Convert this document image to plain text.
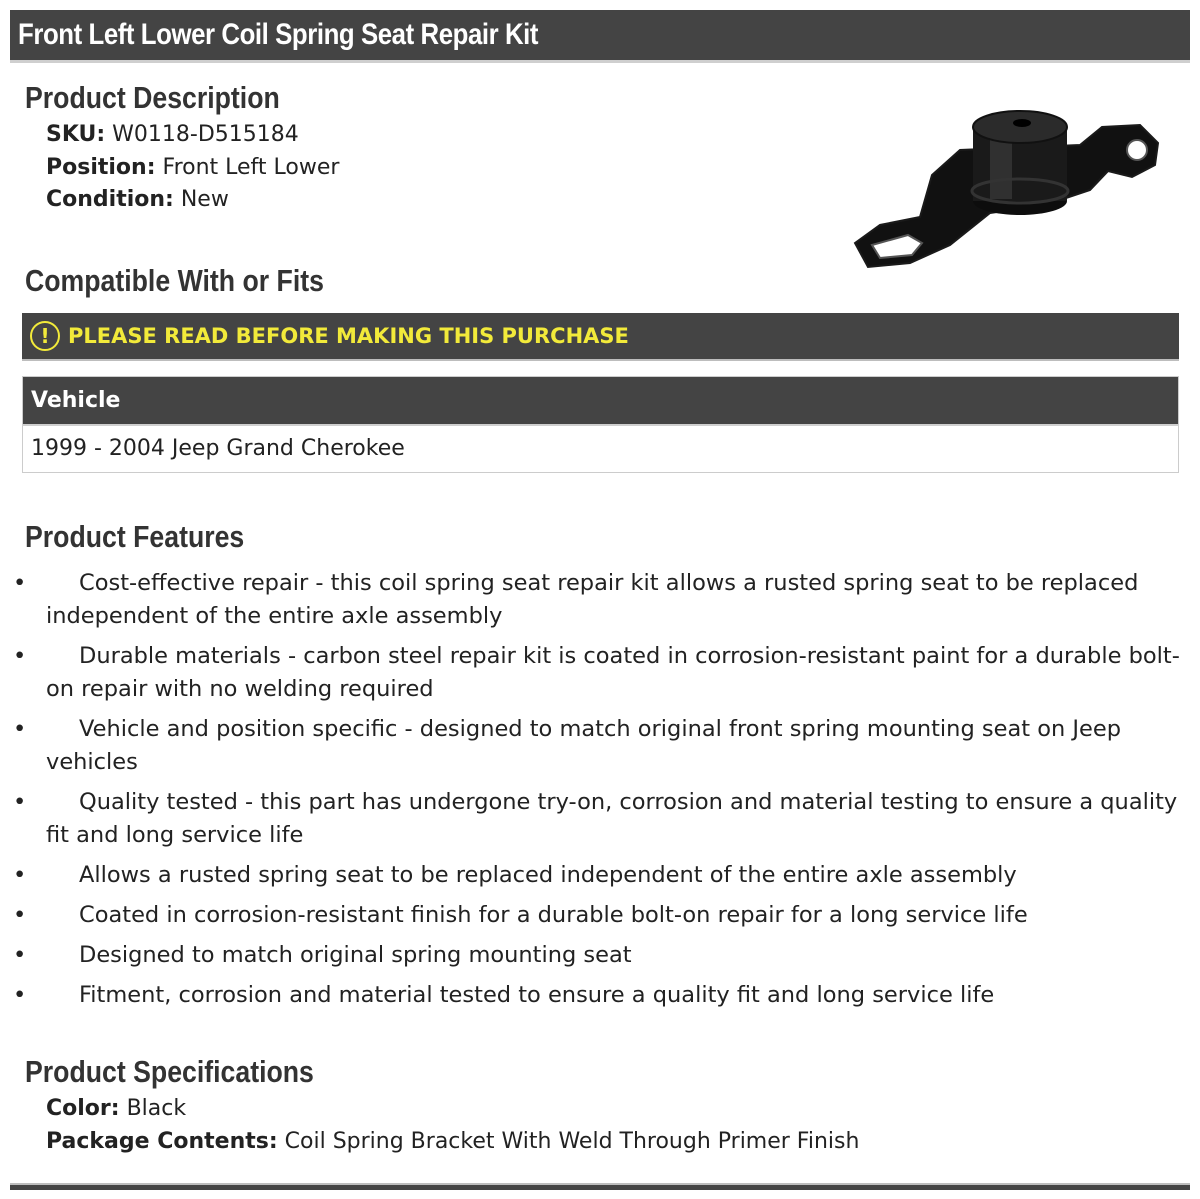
Front Left Lower Coil Spring Seat Repair Kit
Product Description
SKU: W0118-D515184
Position: Front Left Lower
Condition: New
Compatible With or Fits
! PLEASE READ BEFORE MAKING THIS PURCHASE
Vehicle
1999 - 2004 Jeep Grand Cherokee
Product Features
• Cost-effective repair - this coil spring seat repair kit allows a rusted spring seat to be replaced independent of the entire axle assembly
• Durable materials - carbon steel repair kit is coated in corrosion-resistant paint for a durable bolt-on repair with no welding required
• Vehicle and position specific - designed to match original front spring mounting seat on Jeep vehicles
• Quality tested - this part has undergone try-on, corrosion and material testing to ensure a quality fit and long service life
• Allows a rusted spring seat to be replaced independent of the entire axle assembly
• Coated in corrosion-resistant finish for a durable bolt-on repair for a long service life
• Designed to match original spring mounting seat
• Fitment, corrosion and material tested to ensure a quality fit and long service life
Product Specifications
Color: Black
Package Contents: Coil Spring Bracket With Weld Through Primer Finish
